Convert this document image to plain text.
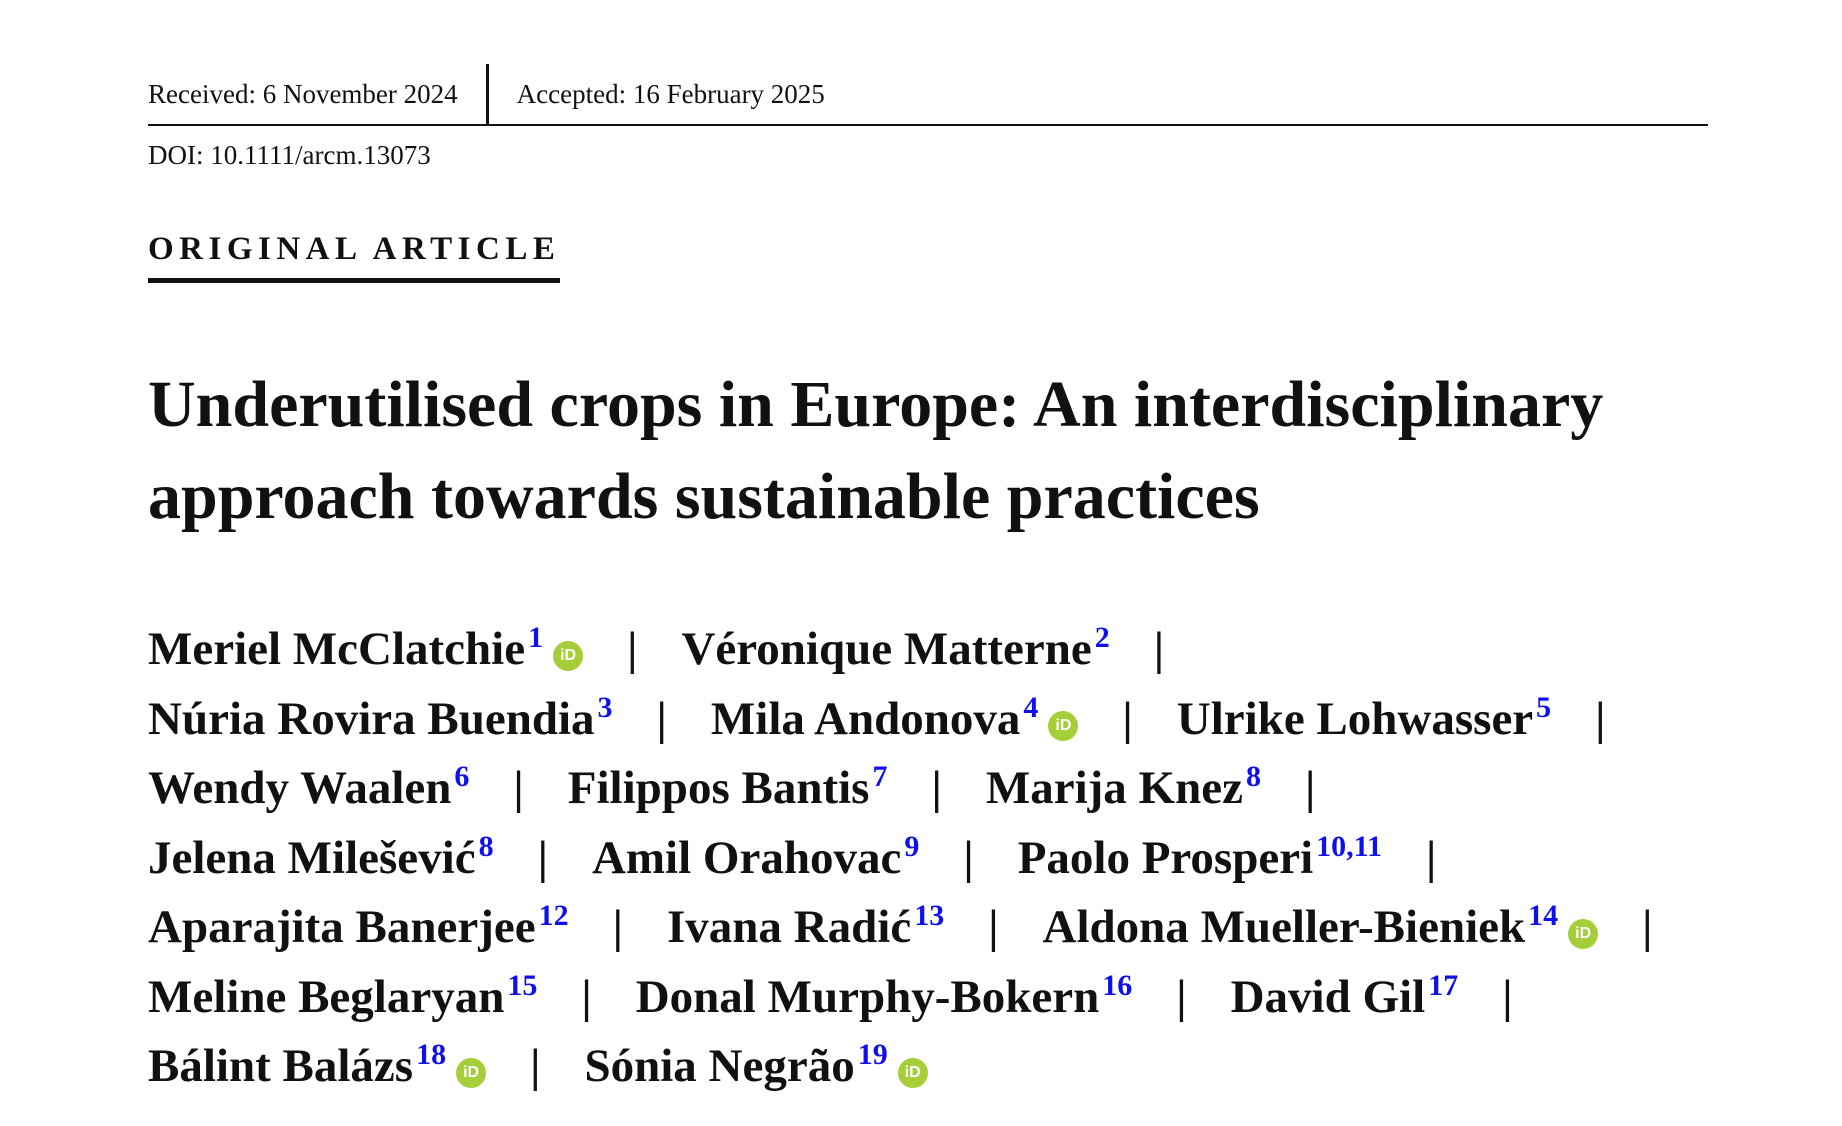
Received: 6 November 2024	Accepted: 16 February 2025
DOI: 10.1111/arcm.13073
ORIGINAL ARTICLE
Underutilised crops in Europe: An interdisciplinary
approach towards sustainable practices
Meriel McClatchie $^1$iD | Véronique Matterne $^2$ |
Núria Rovira Buendia $^3$ | Mila Andonova $^4$iD | Ulrike Lohwasser $^5$ |
Wendy Waalen $^6$ | Filippos Bantis $^7$ | Marija Knez $^8$ |
Jelena Milešević $^8$ | Amil Orahovac $^9$ | Paolo Prosperi $^{10,11}$ |
Aparajita Banerjee $^{12}$ | Ivana Radić $^{13}$ | Aldona Mueller-Bieniek $^{14}$iD |
Meline Beglaryan $^{15}$ | Donal Murphy-Bokern $^{16}$ | David Gil $^{17}$ |
Bálint Balázs $^{18}$iD | Sónia Negrão $^{19}$iD
